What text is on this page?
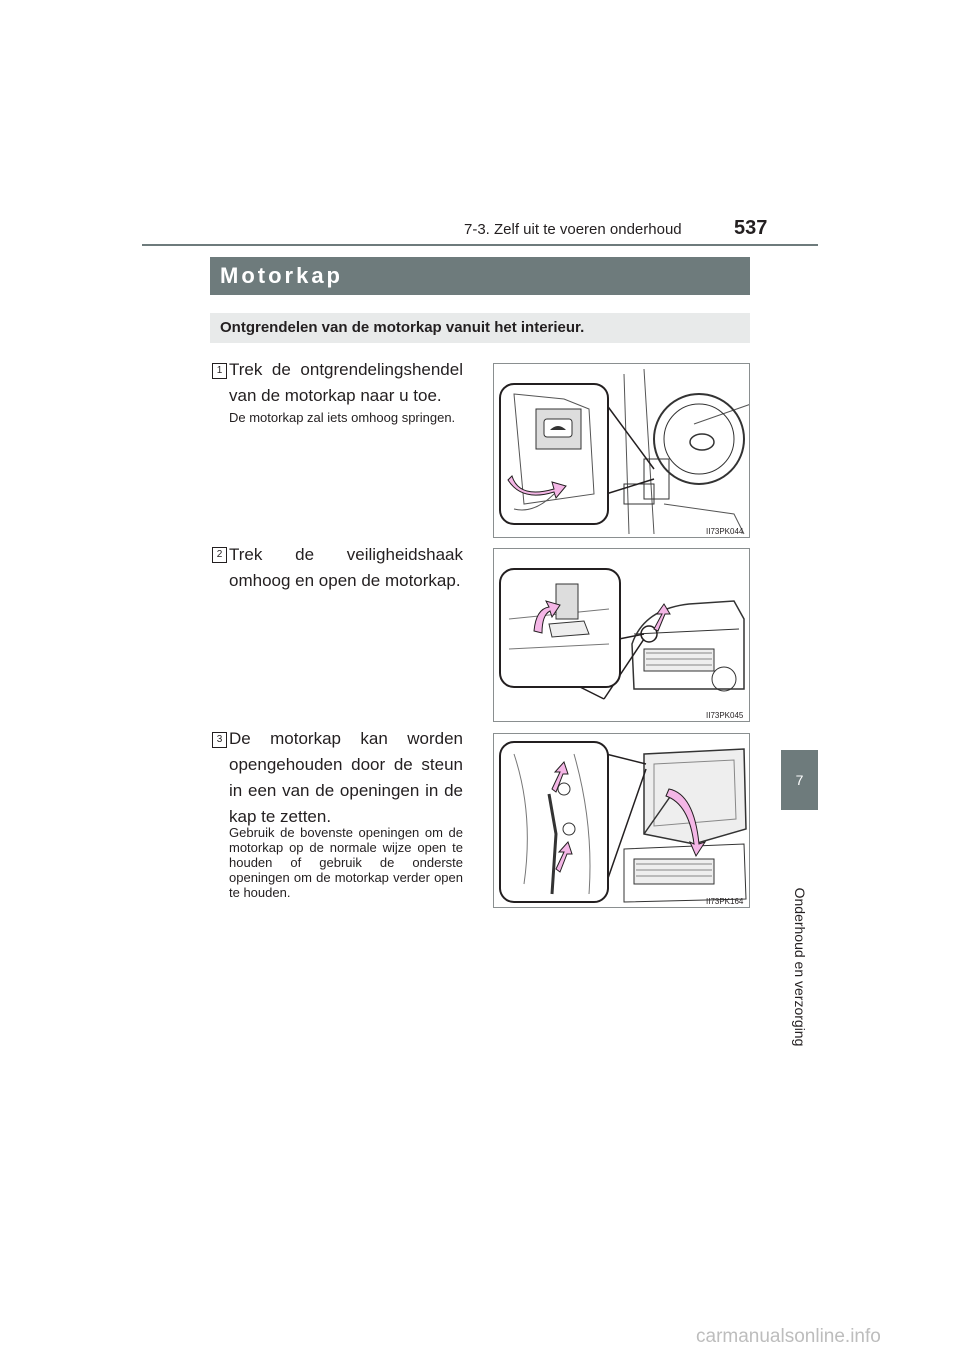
7-3. Zelf uit te voeren onderhoud	537
7
Onderhoud en verzorging
Motorkap
Ontgrendelen van de motorkap vanuit het interieur.
1 Trek de ontgrendelingshendel van de motorkap naar u toe.
De motorkap zal iets omhoog springen.
II73PK044
2 Trek de veiligheidshaak omhoog en open de motorkap.
II73PK045
3 De motorkap kan worden opengehouden door de steun in een van de openingen in de kap te zetten.
Gebruik de bovenste openingen om de motorkap op de normale wijze open te houden of gebruik de onderste openingen om de motorkap verder open te houden.
II73PK164
carmanualsonline.info
